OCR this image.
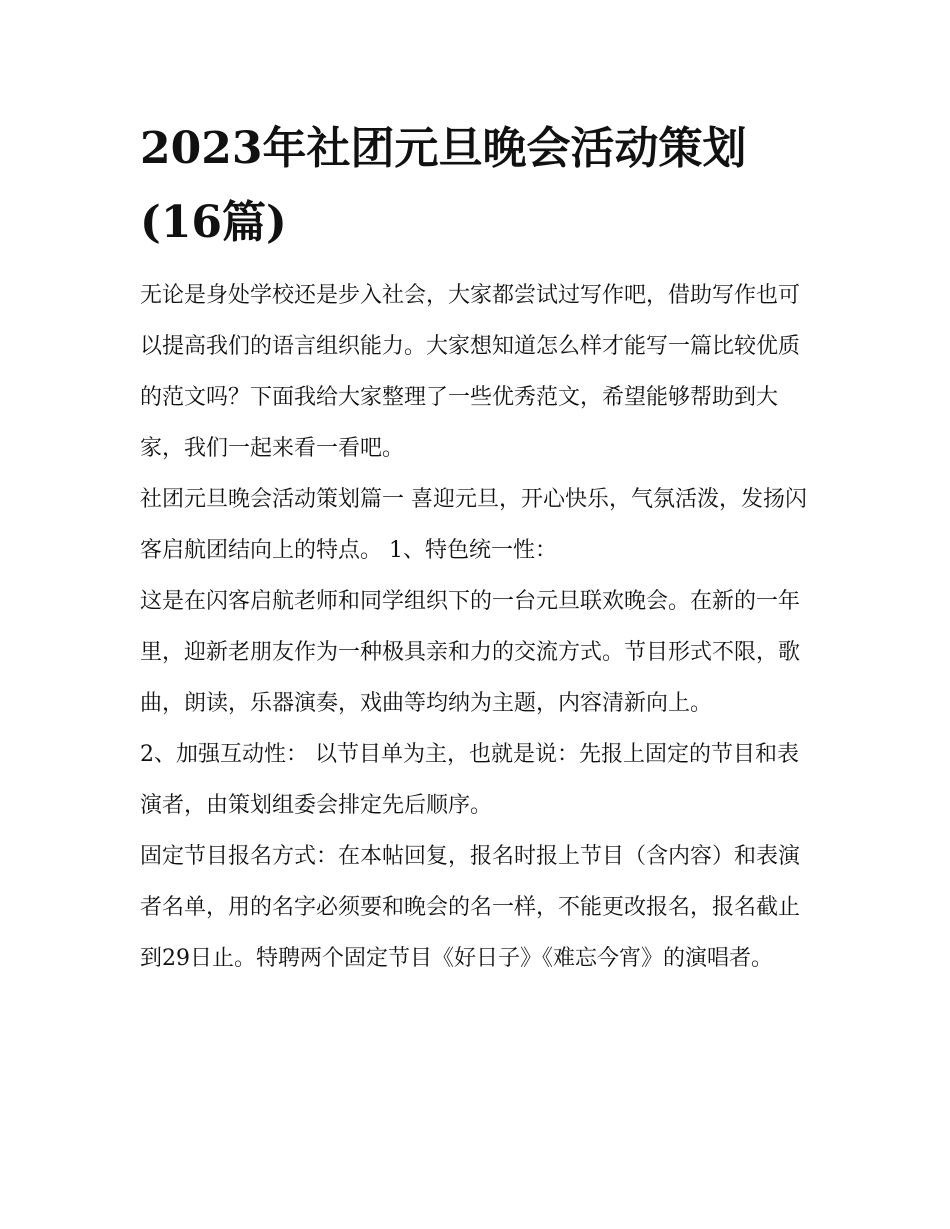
2023年社团元旦晚会活动策划(16篇)

无论是身处学校还是步入社会，大家都尝试过写作吧，借助写作也可以提高我们的语言组织能力。大家想知道怎么样才能写一篇比较优质的范文吗？下面我给大家整理了一些优秀范文，希望能够帮助到大家，我们一起来看一看吧。

社团元旦晚会活动策划篇一 喜迎元旦，开心快乐，气氛活泼，发扬闪客启航团结向上的特点。 1、特色统一性：

这是在闪客启航老师和同学组织下的一台元旦联欢晚会。在新的一年里，迎新老朋友作为一种极具亲和力的交流方式。节目形式不限，歌曲，朗读，乐器演奏，戏曲等均纳为主题，内容清新向上。

2、加强互动性： 以节目单为主，也就是说：先报上固定的节目和表演者，由策划组委会排定先后顺序。

固定节目报名方式：在本帖回复，报名时报上节目（含内容）和表演者名单，用的名字必须要和晚会的名一样，不能更改报名，报名截止到29日止。特聘两个固定节目《好日子》《难忘今宵》的演唱者。
